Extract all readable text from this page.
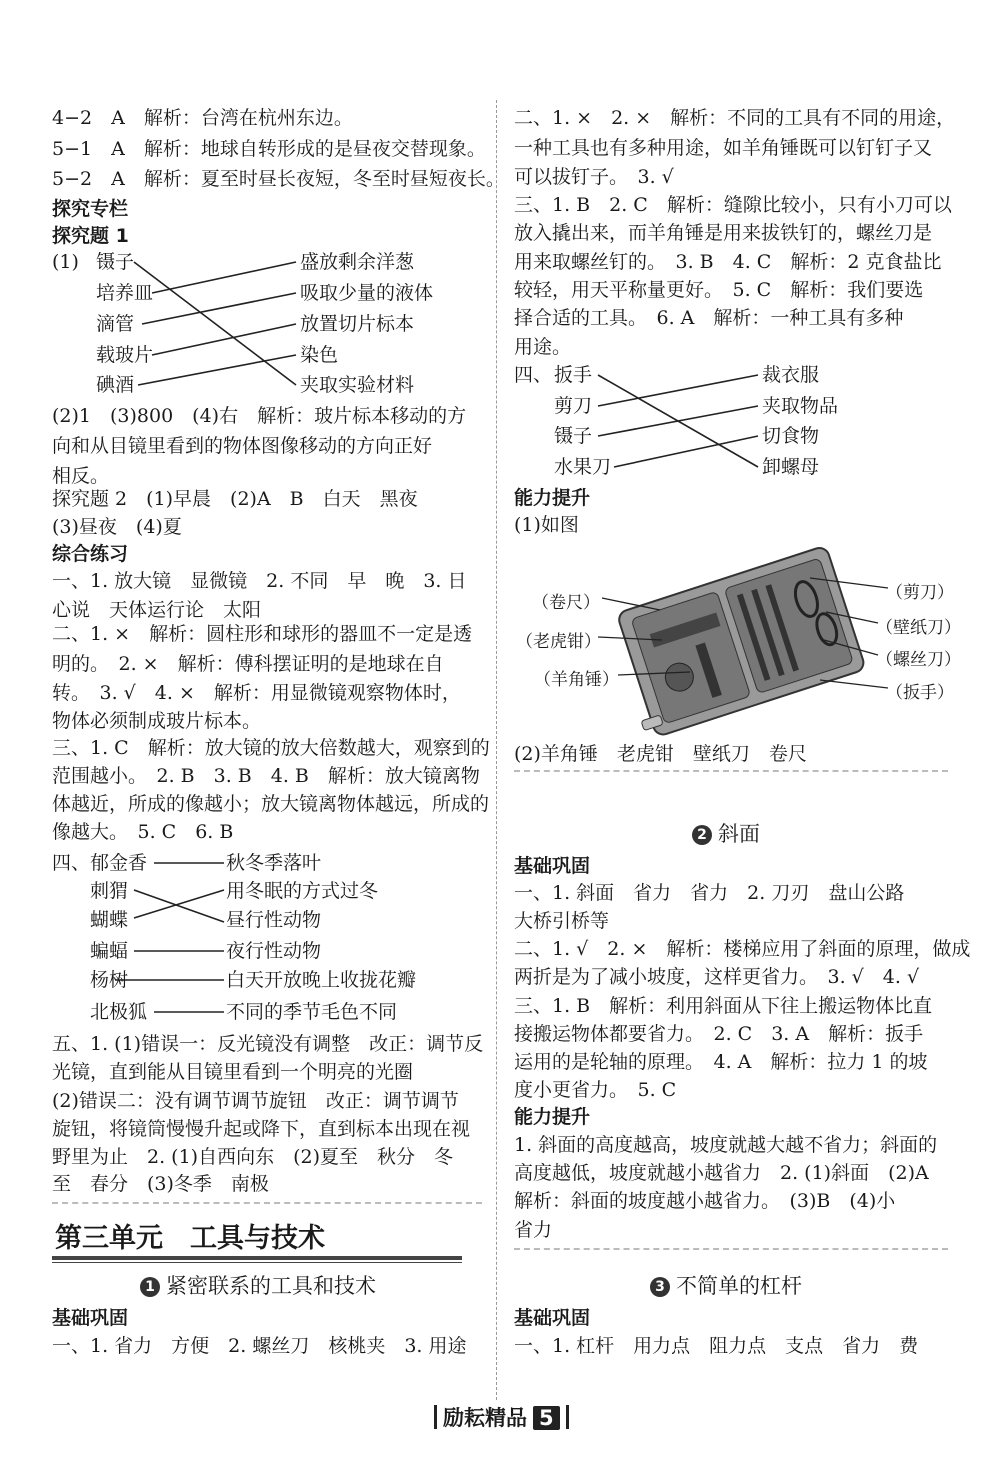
4−2　A　解析：台湾在杭州东边。
5−1　A　解析：地球自转形成的是昼夜交替现象。
5−2　A　解析：夏至时昼长夜短，冬至时昼短夜长。
探究专栏
探究题 1
(1) 镊子
培养皿
滴管
载玻片
碘酒
盛放剩余洋葱
吸取少量的液体
放置切片标本
染色
夹取实验材料
(2)1　(3)800　(4)右　解析：玻片标本移动的方
向和从目镜里看到的物体图像移动的方向正好
相反。
探究题 2　(1)早晨　(2)A　B　白天　黑夜
(3)昼夜　(4)夏
综合练习
一、1. 放大镜　显微镜　2. 不同　早　晚　3. 日
心说　天体运行论　太阳
二、1. ×　解析：圆柱形和球形的器皿不一定是透
明的。　2. ×　解析：傅科摆证明的是地球在自
转。　3. √　4. ×　解析：用显微镜观察物体时，
物体必须制成玻片标本。
三、1. C　解析：放大镜的放大倍数越大，观察到的
范围越小。　2. B　3. B　4. B　解析：放大镜离物
体越近，所成的像越小；放大镜离物体越远，所成的
像越大。　5. C　6. B
四、 郁金香
刺猬
蝴蝶
蝙蝠
杨树
北极狐
秋冬季落叶
用冬眠的方式过冬
昼行性动物
夜行性动物
白天开放晚上收拢花瓣
不同的季节毛色不同
五、1. (1)错误一：反光镜没有调整　改正：调节反
光镜，直到能从目镜里看到一个明亮的光圈
(2)错误二：没有调节调节旋钮　改正：调节调节
旋钮，将镜筒慢慢升起或降下，直到标本出现在视
野里为止　2. (1)自西向东　(2)夏至　秋分　冬
至　春分　(3)冬季　南极
第三单元　工具与技术
1 紧密联系的工具和技术
基础巩固
一、1. 省力　方便　2. 螺丝刀　核桃夹　3. 用途
二、1. ×　2. ×　解析：不同的工具有不同的用途，
一种工具也有多种用途，如羊角锤既可以钉钉子又
可以拔钉子。　3. √
三、1. B　2. C　解析：缝隙比较小，只有小刀可以
放入撬出来，而羊角锤是用来拔铁钉的，螺丝刀是
用来取螺丝钉的。　3. B　4. C　解析：2 克食盐比
较轻，用天平称量更好。　5. C　解析：我们要选
择合适的工具。　6. A　解析：一种工具有多种
用途。
四、 扳手
剪刀
镊子
水果刀
裁衣服
夹取物品
切食物
卸螺母
能力提升
(1)如图
（卷尺）
（老虎钳）
（羊角锤）
（剪刀）
（壁纸刀）
（螺丝刀）
（扳手）
(2)羊角锤　老虎钳　壁纸刀　卷尺
2 斜面
基础巩固
一、1. 斜面　省力　省力　2. 刀刃　盘山公路
大桥引桥等
二、1. √　2. ×　解析：楼梯应用了斜面的原理，做成
两折是为了减小坡度，这样更省力。　3. √　4. √
三、1. B　解析：利用斜面从下往上搬运物体比直
接搬运物体都要省力。　2. C　3. A　解析：扳手
运用的是轮轴的原理。　4. A　解析：拉力 1 的坡
度小更省力。　5. C
能力提升
1. 斜面的高度越高，坡度就越大越不省力；斜面的
高度越低，坡度就越小越省力　2. (1)斜面　(2)A
解析：斜面的坡度越小越省力。　(3)B　(4)小
省力
3 不简单的杠杆
基础巩固
一、1. 杠杆　用力点　阻力点　支点　省力　费
励耘精品 5
